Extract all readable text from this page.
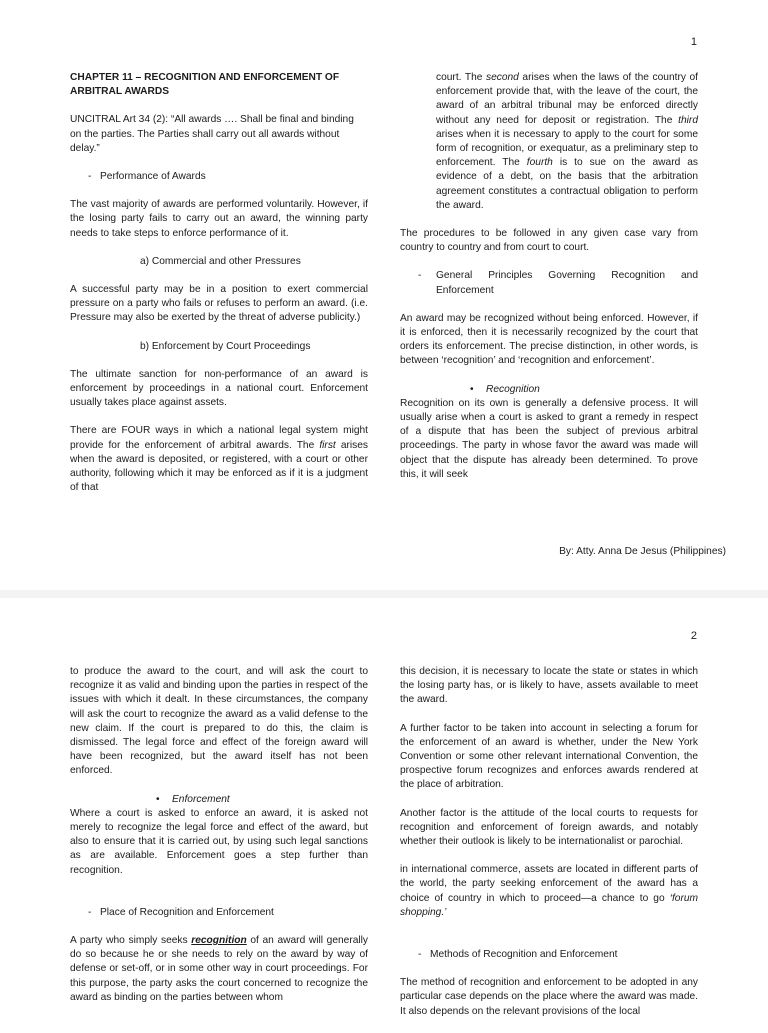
1

CHAPTER 11 – RECOGNITION AND ENFORCEMENT OF ARBITRAL AWARDS

UNCITRAL Art 34 (2): “All awards …. Shall be final and binding on the parties. The Parties shall carry out all awards without delay.”

- Performance of Awards

The vast majority of awards are performed voluntarily. However, if the losing party fails to carry out an award, the winning party needs to take steps to enforce performance of it.

a) Commercial and other Pressures

A successful party may be in a position to exert commercial pressure on a party who fails or refuses to perform an award. (i.e. Pressure may also be exerted by the threat of adverse publicity.)

b) Enforcement by Court Proceedings

The ultimate sanction for non-performance of an award is enforcement by proceedings in a national court. Enforcement usually takes place against assets.

There are FOUR ways in which a national legal system might provide for the enforcement of arbitral awards. The first arises when the award is deposited, or registered, with a court or other authority, following which it may be enforced as if it is a judgment of that

court. The second arises when the laws of the country of enforcement provide that, with the leave of the court, the award of an arbitral tribunal may be enforced directly without any need for deposit or registration. The third arises when it is necessary to apply to the court for some form of recognition, or exequatur, as a preliminary step to enforcement. The fourth is to sue on the award as evidence of a debt, on the basis that the arbitration agreement constitutes a contractual obligation to perform the award.

The procedures to be followed in any given case vary from country to country and from court to court.

-	General Principles Governing Recognition and Enforcement

An award may be recognized without being enforced. However, if it is enforced, then it is necessarily recognized by the court that orders its enforcement. The precise distinction, in other words, is between ‘recognition’ and ‘recognition and enforcement’.

•	Recognition

Recognition on its own is generally a defensive process. It will usually arise when a court is asked to grant a remedy in respect of a dispute that has been the subject of previous arbitral proceedings. The party in whose favor the award was made will object that the dispute has already been determined. To prove this, it will seek

By: Atty. Anna De Jesus (Philippines)
2

to produce the award to the court, and will ask the court to recognize it as valid and binding upon the parties in respect of the issues with which it dealt. In these circumstances, the company will ask the court to recognize the award as a valid defense to the new claim. If the court is prepared to do this, the claim is dismissed. The legal force and effect of the foreign award will have been recognized, but the award itself has not been enforced.

•	Enforcement

Where a court is asked to enforce an award, it is asked not merely to recognize the legal force and effect of the award, but also to ensure that it is carried out, by using such legal sanctions as are available. Enforcement goes a step further than recognition.

- Place of Recognition and Enforcement

A party who simply seeks recognition of an award will generally do so because he or she needs to rely on the award by way of defense or set-off, or in some other way in court proceedings. For this purpose, the party asks the court concerned to recognize the award as binding on the parties between whom

this decision, it is necessary to locate the state or states in which the losing party has, or is likely to have, assets available to meet the award.

A further factor to be taken into account in selecting a forum for the enforcement of an award is whether, under the New York Convention or some other relevant international Convention, the prospective forum recognizes and enforces awards rendered at the place of arbitration.

Another factor is the attitude of the local courts to requests for recognition and enforcement of foreign awards, and notably whether their outlook is likely to be internationalist or parochial.

in international commerce, assets are located in different parts of the world, the party seeking enforcement of the award has a choice of country in which to proceed—a chance to go ‘forum shopping.’

- Methods of Recognition and Enforcement

The method of recognition and enforcement to be adopted in any particular case depends on the place where the award was made. It also depends on the relevant provisions of the local
